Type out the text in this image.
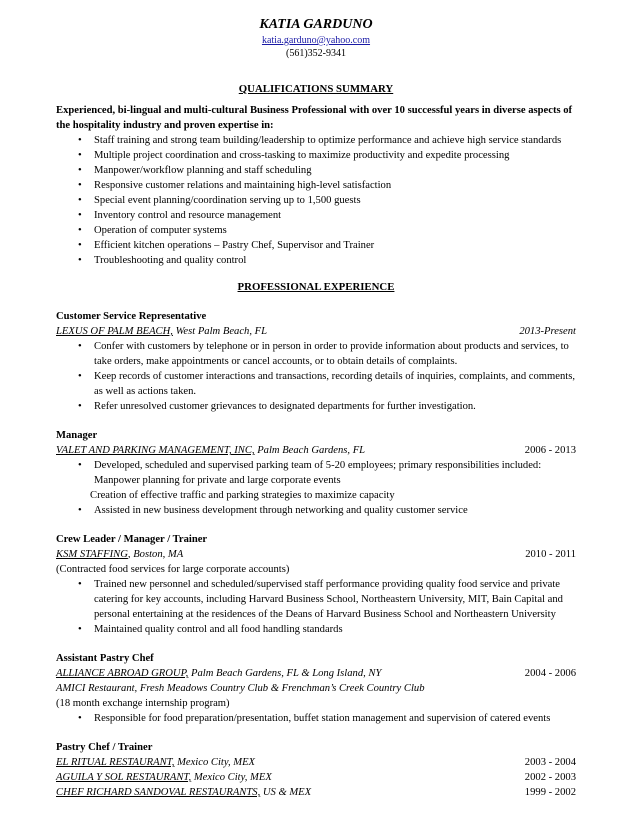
KATIA GARDUNO
katia.garduno@yahoo.com
(561)352-9341
QUALIFICATIONS SUMMARY
Experienced, bi-lingual and multi-cultural Business Professional with over 10 successful years in diverse aspects of the hospitality industry and proven expertise in:
• Staff training and strong team building/leadership to optimize performance and achieve high service standards
• Multiple project coordination and cross-tasking to maximize productivity and expedite processing
• Manpower/workflow planning and staff scheduling
• Responsive customer relations and maintaining high-level satisfaction
• Special event planning/coordination serving up to 1,500 guests
• Inventory control and resource management
• Operation of computer systems
• Efficient kitchen operations – Pastry Chef, Supervisor and Trainer
• Troubleshooting and quality control
PROFESSIONAL EXPERIENCE
Customer Service Representative
LEXUS OF PALM BEACH, West Palm Beach, FL	2013-Present
• Confer with customers by telephone or in person in order to provide information about products and services, to take orders, make appointments or cancel accounts, or to obtain details of complaints.
• Keep records of customer interactions and transactions, recording details of inquiries, complaints, and comments, as well as actions taken.
• Refer unresolved customer grievances to designated departments for further investigation.
Manager
VALET AND PARKING MANAGEMENT, INC, Palm Beach Gardens, FL	2006 - 2013
• Developed, scheduled and supervised parking team of 5-20 employees; primary responsibilities included:
Manpower planning for private and large corporate events
Creation of effective traffic and parking strategies to maximize capacity
• Assisted in new business development through networking and quality customer service
Crew Leader / Manager / Trainer
KSM STAFFING, Boston, MA	2010 - 2011
(Contracted food services for large corporate accounts)
• Trained new personnel and scheduled/supervised staff performance providing quality food service and private catering for key accounts, including Harvard Business School, Northeastern University, MIT, Bain Capital and personal entertaining at the residences of the Deans of Harvard Business School and Northeastern University
• Maintained quality control and all food handling standards
Assistant Pastry Chef
ALLIANCE ABROAD GROUP, Palm Beach Gardens, FL & Long Island, NY	2004 - 2006
AMICI Restaurant, Fresh Meadows Country Club & Frenchman’s Creek Country Club
(18 month exchange internship program)
• Responsible for food preparation/presentation, buffet station management and supervision of catered events
Pastry Chef / Trainer
EL RITUAL RESTAURANT, Mexico City, MEX	2003 - 2004
AGUILA Y SOL RESTAURANT, Mexico City, MEX	2002 - 2003
CHEF RICHARD SANDOVAL RESTAURANTS, US & MEX	1999 - 2002
